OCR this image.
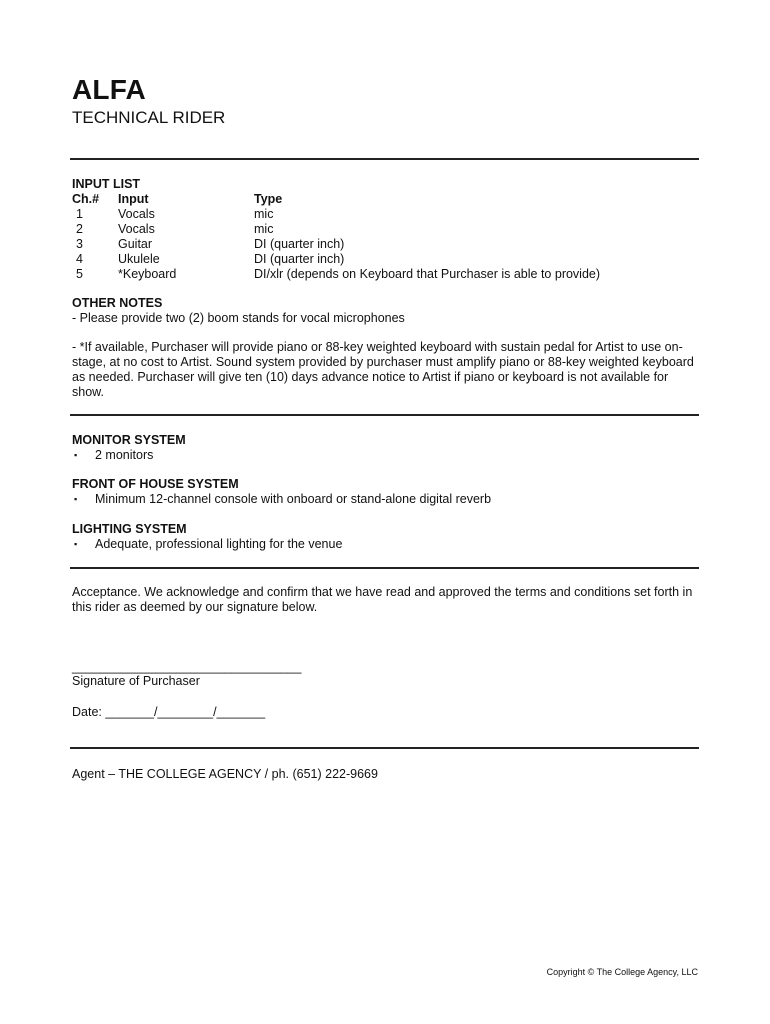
ALFA
TECHNICAL RIDER
INPUT LIST
Ch.# Input	Type
1	Vocals	mic
2	Vocals	mic
3	Guitar	DI (quarter inch)
4	Ukulele	DI (quarter inch)
5	*Keyboard	DI/xlr (depends on Keyboard that Purchaser is able to provide)
OTHER NOTES
- Please provide two (2) boom stands for vocal microphones
- *If available, Purchaser will provide piano or 88-key weighted keyboard with sustain pedal for Artist to use on-stage, at no cost to Artist. Sound system provided by purchaser must amplify piano or 88-key weighted keyboard as needed. Purchaser will give ten (10) days advance notice to Artist if piano or keyboard is not available for show.
MONITOR SYSTEM
▪ 2 monitors
FRONT OF HOUSE SYSTEM
▪ Minimum 12-channel console with onboard or stand-alone digital reverb
LIGHTING SYSTEM
▪ Adequate, professional lighting for the venue
Acceptance. We acknowledge and confirm that we have read and approved the terms and conditions set forth in this rider as deemed by our signature below.
_________________________________
Signature of Purchaser
Date: _______/________/_______
Agent – THE COLLEGE AGENCY / ph. (651) 222-9669
Copyright © The College Agency, LLC
